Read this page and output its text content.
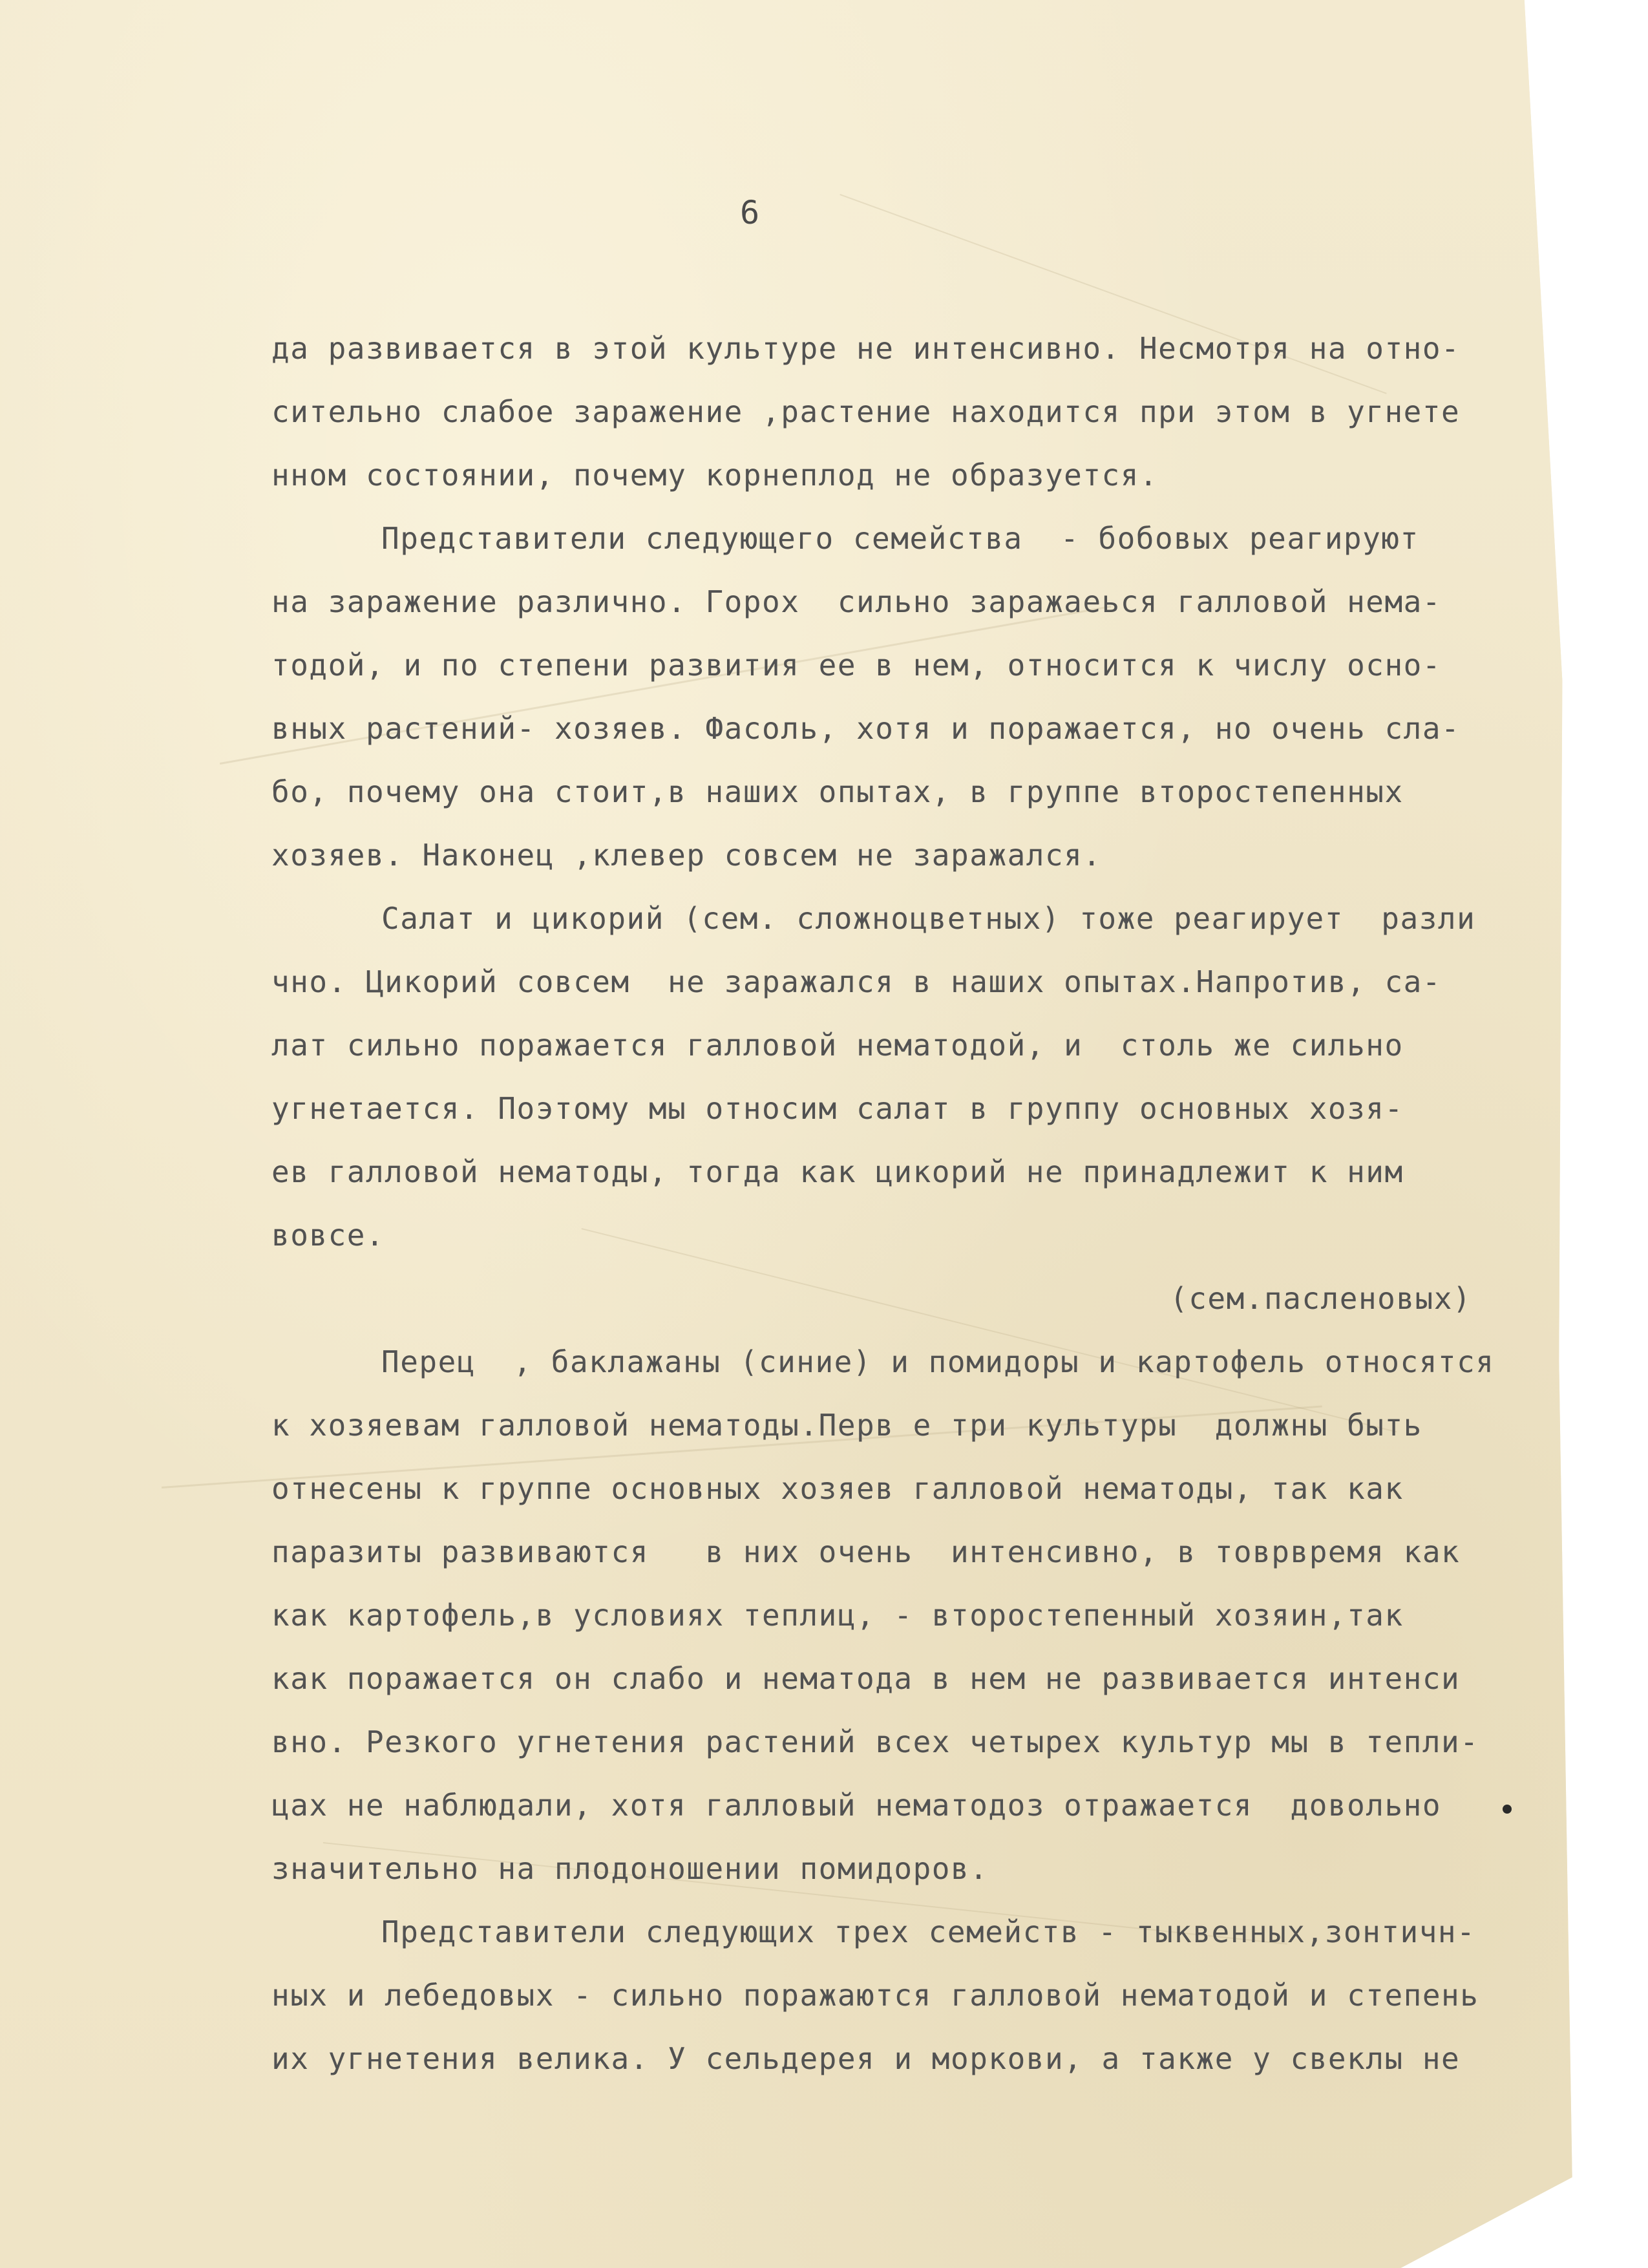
6
да развивается в этой культуре не интенсивно. Несмотря на отно-
сительно слабое заражение ,растение находится при этом в угнете
нном состоянии, почему корнеплод не образуется.
Представители следующего семейства  - бобовых реагируют
на заражение различно. Горох  сильно заражаеься галловой нема-
тодой, и по степени развития ее в нем, относится к числу осно-
вных растений- хозяев. Фасоль, хотя и поражается, но очень сла-
бо, почему она стоит,в наших опытах, в группе второстепенных
хозяев. Наконец ,клевер совсем не заражался.
Салат и цикорий (сем. сложноцветных) тоже реагирует  разли
чно. Цикорий совсем  не заражался в наших опытах.Напротив, са-
лат сильно поражается галловой нематодой, и  столь же сильно
угнетается. Поэтому мы относим салат в группу основных хозя-
ев галловой нематоды, тогда как цикорий не принадлежит к ним
вовсе.
(сем.пасленовых)
Перец  , баклажаны (синие) и помидоры и картофель относятся
к хозяевам галловой нематоды.Перв е три культуры  должны быть
отнесены к группе основных хозяев галловой нематоды, так как
паразиты развиваются   в них очень  интенсивно, в товрвремя как
как картофель,в условиях теплиц, - второстепенный хозяин,так
как поражается он слабо и нематода в нем не развивается интенси
вно. Резкого угнетения растений всех четырех культур мы в тепли-
цах не наблюдали, хотя галловый нематодоз отражается  довольно
значительно на плодоношении помидоров.
Представители следующих трех семейств - тыквенных,зонтичн-
ных и лебедовых - сильно поражаются галловой нематодой и степень
их угнетения велика. У сельдерея и моркови, а также у свеклы не
